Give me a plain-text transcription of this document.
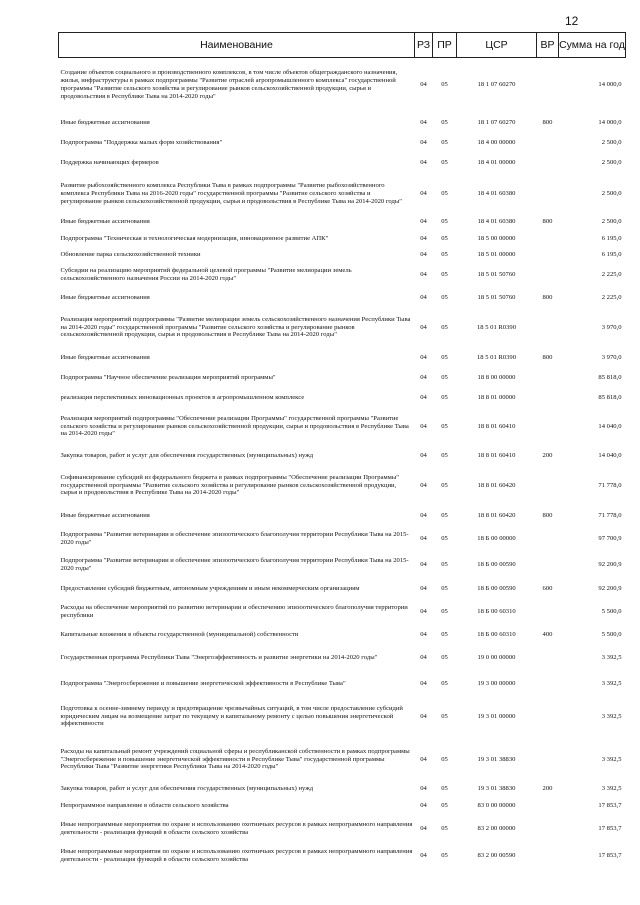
12
Наименование	РЗ	ПР	ЦСР	ВР	Сумма на год
Создание объектов социального и производственного комплексов, в том числе объектов общегражданского назначения, жилья, инфраструктуры в рамках подпрограммы "Развитие отраслей агропромышленного комплекса" государственной программы "Развитие сельского хозяйства и регулирование рынков сельскохозяйственной продукции, сырья и продовольствия в Республике Тыва на 2014-2020 годы"	04	05	18 1 07 60270		14 000,0
Иные бюджетные ассигнования	04	05	18 1 07 60270	800	14 000,0
Подпрограмма "Поддержка малых форм хозяйствования"	04	05	18 4 00 00000		2 500,0
Поддержка начинающих фермеров	04	05	18 4 01 00000		2 500,0
Развитие рыбохозяйственного комплекса Республики Тыва в рамках подпрограммы "Развитие рыбохозяйственного комплекса Республики Тыва на 2016-2020 годы" государственной программы "Развитие сельского хозяйства и регулирование рынков сельскохозяйственной продукции, сырья и продовольствия в Республике Тыва на 2014-2020 годы"	04	05	18 4 01 60380		2 500,0
Иные бюджетные ассигнования	04	05	18 4 01 60380	800	2 500,0
Подпрограмма "Техническая и технологическая модернизация, инновационное развитие АПК"	04	05	18 5 00 00000		6 195,0
Обновление парка сельскохозяйственной техники	04	05	18 5 01 00000		6 195,0
Субсидии на реализацию мероприятий федеральной целевой программы "Развитие мелиорации земель сельскохозяйственного назначения России на 2014-2020 годы"	04	05	18 5 01 50760		2 225,0
Иные бюджетные ассигнования	04	05	18 5 01 50760	800	2 225,0
Реализация мероприятий подпрограммы "Развитие мелиорации земель сельскохозяйственного назначения Республики Тыва на 2014-2020 годы" государственной программы "Развитие сельского хозяйства и регулирование рынков сельскохозяйственной продукции, сырья и продовольствия в Республике Тыва на 2014-2020 годы"	04	05	18 5 01 R0390		3 970,0
Иные бюджетные ассигнования	04	05	18 5 01 R0390	800	3 970,0
Подпрограмма "Научное обеспечение реализации мероприятий программы"	04	05	18 8 00 00000		85 818,0
реализация перспективных инновационных проектов в агропромышленном комплексе	04	05	18 8 01 00000		85 818,0
Реализация мероприятий подпрограммы "Обеспечение реализации Программы" государственной программы "Развитие сельского хозяйства и регулирование рынков сельскохозяйственной продукции, сырья и продовольствия в Республике Тыва на 2014-2020 годы"	04	05	18 8 01 60410		14 040,0
Закупка товаров, работ и услуг для обеспечения государственных (муниципальных) нужд	04	05	18 8 01 60410	200	14 040,0
Софинансирование субсидий из федерального бюджета в рамках подпрограммы "Обеспечение реализации Программы" государственной программы "Развитие сельского хозяйства и регулирование рынков сельскохозяйственной продукции, сырья и продовольствия в Республике Тыва на 2014-2020 годы"	04	05	18 8 01 60420		71 778,0
Иные бюджетные ассигнования	04	05	18 8 01 60420	800	71 778,0
Подпрограмма "Развитие ветеринарии и обеспечение эпизоотического благополучия территории Республики Тыва на 2015-2020 годы"	04	05	18 Б 00 00000		97 700,9
Подпрограмма "Развитие ветеринарии и обеспечение эпизоотического благополучия территории Республики Тыва на 2015-2020 годы"	04	05	18 Б 00 00590		92 200,9
Предоставление субсидий бюджетным, автономным учреждениям и иным некоммерческим организациям	04	05	18 Б 00 00590	600	92 200,9
Расходы на обеспечение мероприятий по развитию ветеринарии и обеспечению эпизоотического благополучия территории республики	04	05	18 Б 00 60310		5 500,0
Капитальные вложения в объекты государственной (муниципальной) собственности	04	05	18 Б 00 60310	400	5 500,0
Государственная программа Республики Тыва "Энергоэффективность и развитие энергетики на 2014-2020 годы"	04	05	19 0 00 00000		3 392,5
Подпрограмма "Энергосбережение и повышение энергетической эффективности в Республике Тыва"	04	05	19 3 00 00000		3 392,5
Подготовка к осенне-зимнему периоду и предотвращение чрезвычайных ситуаций, в том числе предоставление субсидий юридическим лицам на возмещение затрат по текущему и капитальному ремонту с целью повышения энергетической эффективности	04	05	19 3 01 00000		3 392,5
Расходы на капитальный ремонт учреждений социальной сферы и республиканской собственности в рамках подпрограммы "Энергосбережение и повышение энергетической эффективности в Республике Тыва" государственной программы Республики Тыва "Развитие энергетики Республики Тыва на 2014-2020 годы"	04	05	19 3 01 38830		3 392,5
Закупка товаров, работ и услуг для обеспечения государственных (муниципальных) нужд	04	05	19 3 01 38830	200	3 392,5
Непрограммное направление в области сельского хозяйства	04	05	83 0 00 00000		17 853,7
Иные непрограммные мероприятия по охране и использованию охотничьих ресурсов в рамках непрограммного направления деятельности - реализация функций в области сельского хозяйства	04	05	83 2 00 00000		17 853,7
Иные непрограммные мероприятия по охране и использованию охотничьих ресурсов в рамках непрограммного направления деятельности - реализация функций в области сельского хозяйства	04	05	83 2 00 00590		17 853,7
